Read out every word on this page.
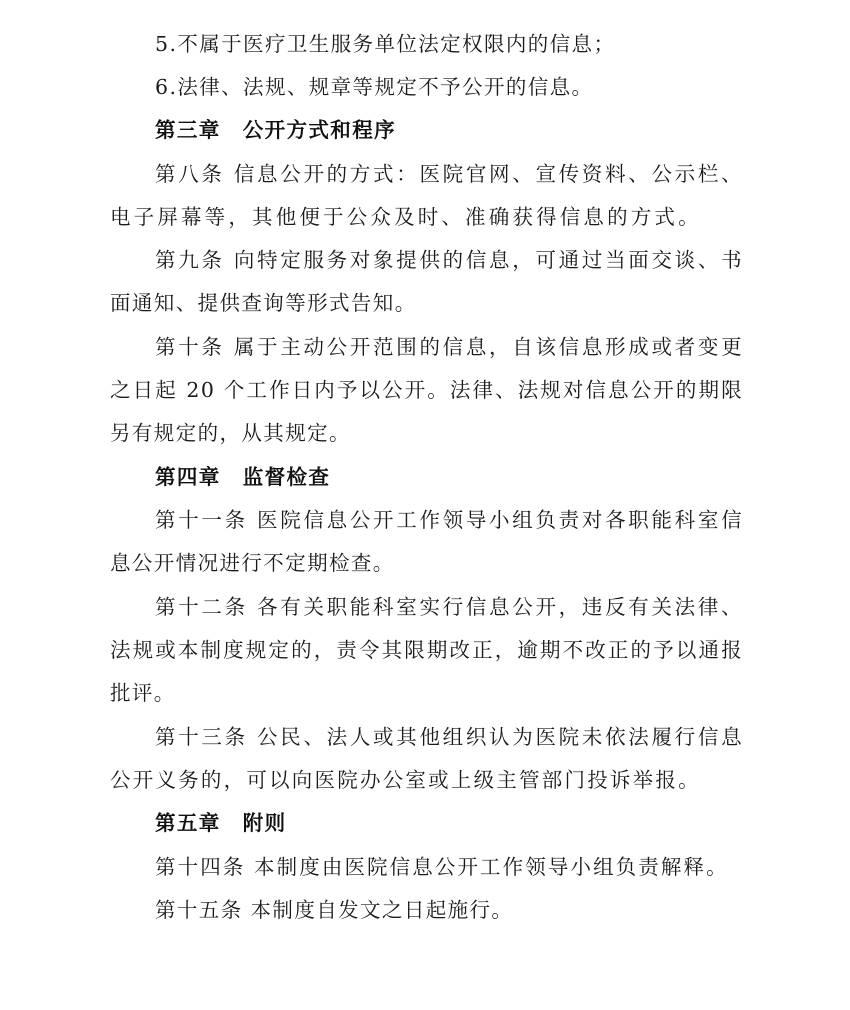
5.不属于医疗卫生服务单位法定权限内的信息；
6.法律、法规、规章等规定不予公开的信息。
第三章 公开方式和程序
第八条 信息公开的方式：医院官网、宣传资料、公示栏、
电子屏幕等，其他便于公众及时、准确获得信息的方式。
第九条 向特定服务对象提供的信息，可通过当面交谈、书
面通知、提供查询等形式告知。
第十条 属于主动公开范围的信息，自该信息形成或者变更
之日起 20 个工作日内予以公开。法律、法规对信息公开的期限
另有规定的，从其规定。
第四章 监督检查
第十一条 医院信息公开工作领导小组负责对各职能科室信
息公开情况进行不定期检查。
第十二条 各有关职能科室实行信息公开，违反有关法律、
法规或本制度规定的，责令其限期改正，逾期不改正的予以通报
批评。
第十三条 公民、法人或其他组织认为医院未依法履行信息
公开义务的，可以向医院办公室或上级主管部门投诉举报。
第五章 附则
第十四条 本制度由医院信息公开工作领导小组负责解释。
第十五条 本制度自发文之日起施行。
